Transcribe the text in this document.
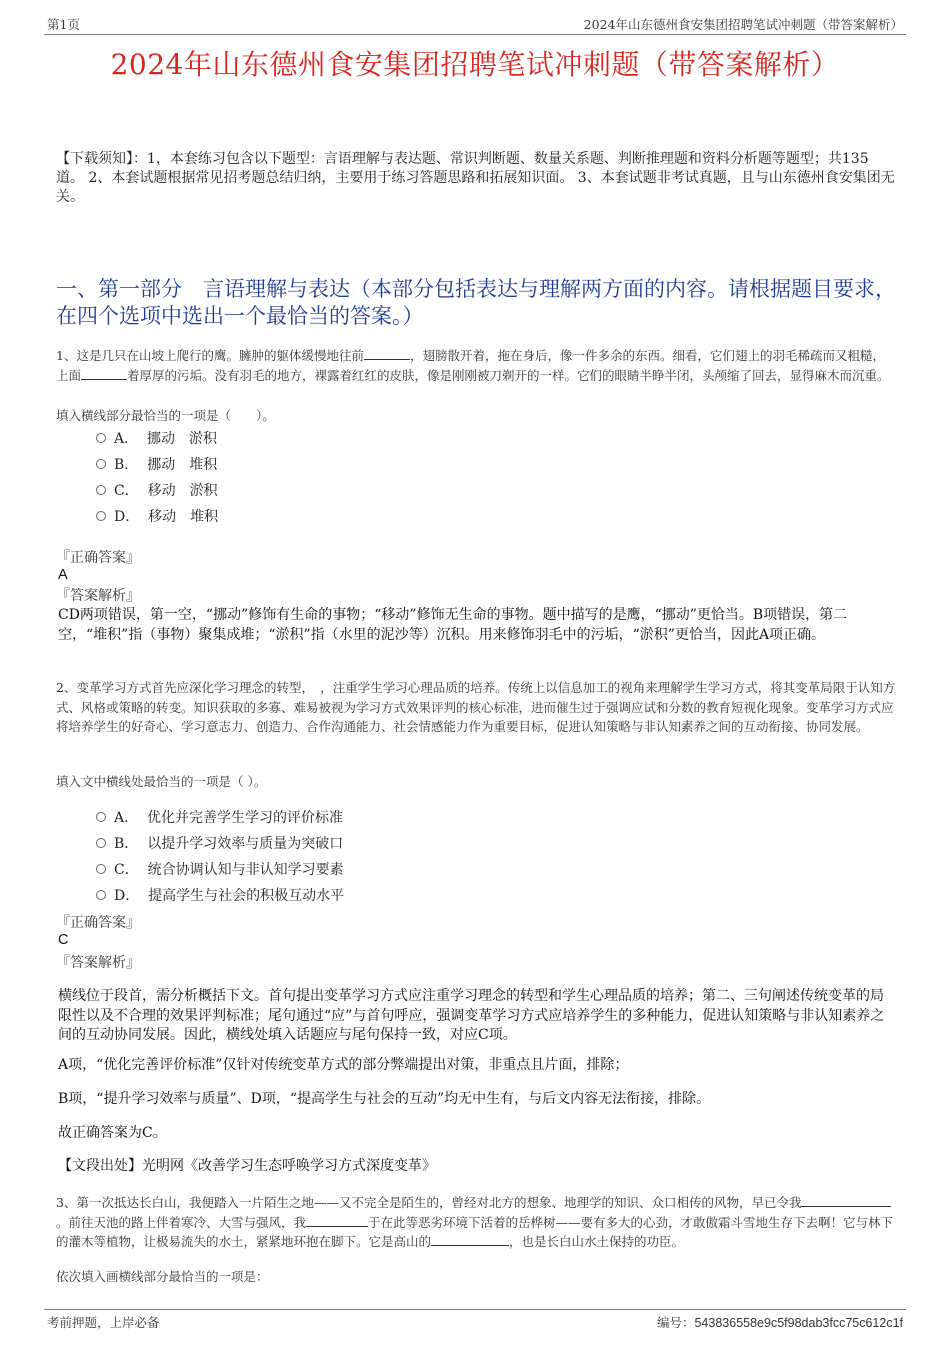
第1页	2024年山东德州食安集团招聘笔试冲刺题（带答案解析）
2024年山东德州食安集团招聘笔试冲刺题（带答案解析）
【下载须知】：1，本套练习包含以下题型：言语理解与表达题、常识判断题、数量关系题、判断推理题和资料分析题等题型；共135道。 2、本套试题根据常见招考题总结归纳，主要用于练习答题思路和拓展知识面。 3、本套试题非考试真题，且与山东德州食安集团无关。
一、第一部分　言语理解与表达（本部分包括表达与理解两方面的内容。请根据题目要求，在四个选项中选出一个最恰当的答案。）
1、这是几只在山坡上爬行的鹰。臃肿的躯体缓慢地往前	，翅膀散开着，拖在身后，像一件多余的东西。细看，它们翅上的羽毛稀疏而又粗糙，上面	着厚厚的污垢。没有羽毛的地方，裸露着红红的皮肤，像是刚刚被刀剃开的一样。它们的眼睛半睁半闭，头颅缩了回去，显得麻木而沉重。
填入横线部分最恰当的一项是（　　）。
A．  挪动　淤积
B．  挪动　堆积
C．  移动　淤积
D．  移动　堆积
『正确答案』
A
『答案解析』
CD两项错误，第一空，“挪动”修饰有生命的事物；“移动”修饰无生命的事物。题中描写的是鹰，“挪动”更恰当。B项错误，第二空，“堆积”指（事物）聚集成堆；“淤积”指（水里的泥沙等）沉积。用来修饰羽毛中的污垢，“淤积”更恰当，因此A项正确。
2、变革学习方式首先应深化学习理念的转型，　，注重学生学习心理品质的培养。传统上以信息加工的视角来理解学生学习方式，将其变革局限于认知方式、风格或策略的转变。知识获取的多寡、难易被视为学习方式效果评判的核心标准，进而催生过于强调应试和分数的教育短视化现象。变革学习方式应将培养学生的好奇心、学习意志力、创造力、合作沟通能力、社会情感能力作为重要目标，促进认知策略与非认知素养之间的互动衔接、协同发展。
填入文中横线处最恰当的一项是（ ）。
A．  优化并完善学生学习的评价标准
B．  以提升学习效率与质量为突破口
C．  统合协调认知与非认知学习要素
D．  提高学生与社会的积极互动水平
『正确答案』
C
『答案解析』
横线位于段首，需分析概括下文。首句提出变革学习方式应注重学习理念的转型和学生心理品质的培养；第二、三句阐述传统变革的局限性以及不合理的效果评判标准；尾句通过“应”与首句呼应，强调变革学习方式应培养学生的多种能力，促进认知策略与非认知素养之间的互动协同发展。因此，横线处填入话题应与尾句保持一致，对应C项。
A项，“优化完善评价标准”仅针对传统变革方式的部分弊端提出对策，非重点且片面，排除；
B项，“提升学习效率与质量”、D项，“提高学生与社会的互动”均无中生有，与后文内容无法衔接，排除。
故正确答案为C。
【文段出处】光明网《改善学习生态呼唤学习方式深度变革》
3、第一次抵达长白山，我便踏入一片陌生之地——又不完全是陌生的，曾经对北方的想象、地理学的知识、众口相传的风物，早已令我。前往天池的路上伴着寒冷、大雪与强风，我	于在此等恶劣环境下活着的岳桦树——要有多大的心劲，才敢傲霜斗雪地生存下去啊！它与林下的灌木等植物，让极易流失的水土，紧紧地环抱在脚下。它是高山的	，也是长白山水土保持的功臣。
依次填入画横线部分最恰当的一项是：
考前押题，上岸必备	编号：543836558e9c5f98dab3fcc75c612c1f
